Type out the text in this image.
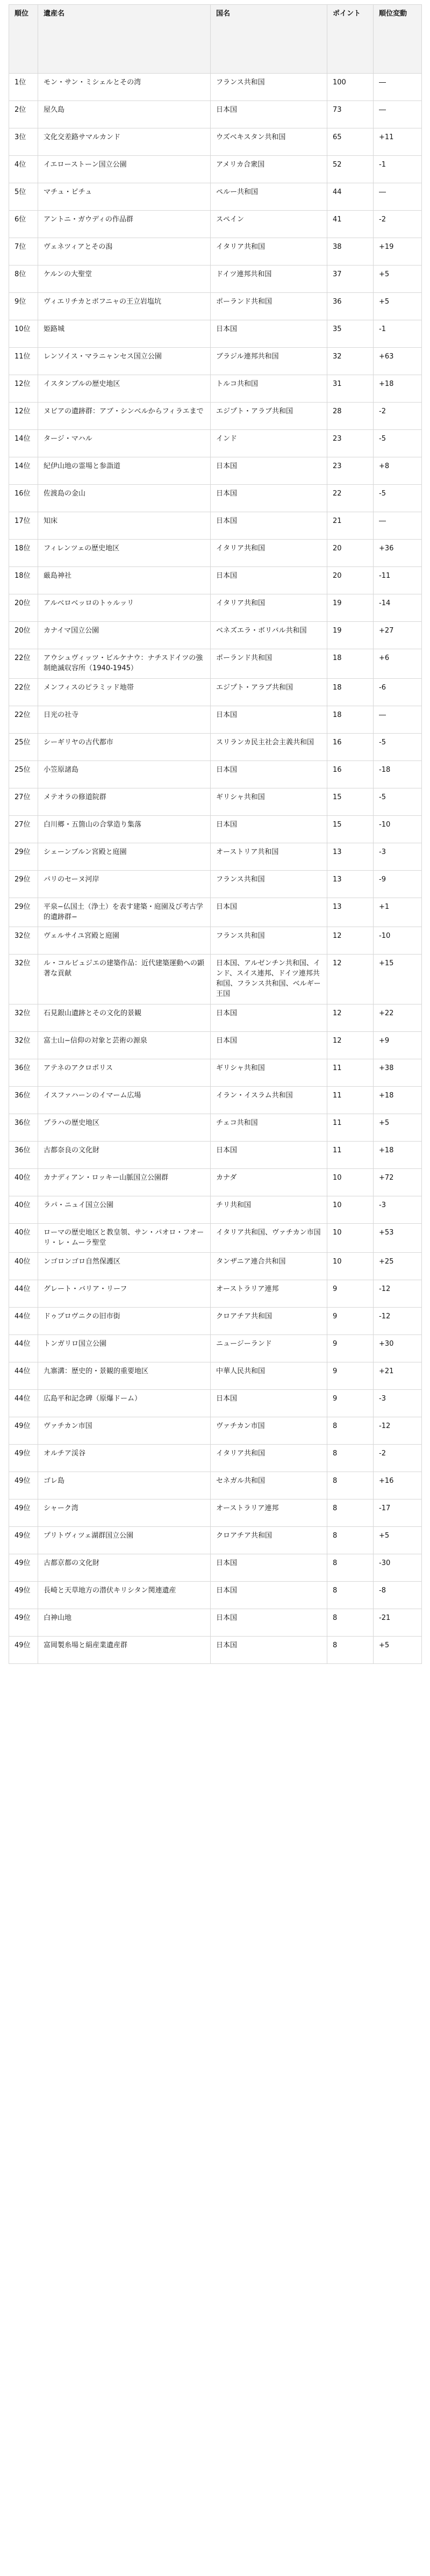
順位	遺産名	国名	ポイント	順位変動
1位	モン・サン・ミシェルとその湾	フランス共和国	100	―
2位	屋久島	日本国	73	―
3位	文化交差路サマルカンド	ウズベキスタン共和国	65	+11
4位	イエローストーン国立公園	アメリカ合衆国	52	-1
5位	マチュ・ピチュ	ペルー共和国	44	―
6位	アントニ・ガウディの作品群	スペイン	41	-2
7位	ヴェネツィアとその潟	イタリア共和国	38	+19
8位	ケルンの大聖堂	ドイツ連邦共和国	37	+5
9位	ヴィエリチカとボフニャの王立岩塩坑	ポーランド共和国	36	+5
10位	姫路城	日本国	35	-1
11位	レンソイス・マラニャンセス国立公園	ブラジル連邦共和国	32	+63
12位	イスタンブルの歴史地区	トルコ共和国	31	+18
12位	ヌビアの遺跡群：アブ・シンベルからフィラエまで	エジプト・アラブ共和国	28	-2
14位	タージ・マハル	インド	23	-5
14位	紀伊山地の霊場と参詣道	日本国	23	+8
16位	佐渡島の金山	日本国	22	-5
17位	知床	日本国	21	―
18位	フィレンツェの歴史地区	イタリア共和国	20	+36
18位	厳島神社	日本国	20	-11
20位	アルベロベッロのトゥルッリ	イタリア共和国	19	-14
20位	カナイマ国立公園	ベネズエラ・ボリバル共和国	19	+27
22位	アウシュヴィッツ・ビルケナウ：ナチスドイツの強制絶滅収容所（1940-1945）	ポーランド共和国	18	+6
22位	メンフィスのピラミッド地帯	エジプト・アラブ共和国	18	-6
22位	日光の社寺	日本国	18	―
25位	シーギリヤの古代都市	スリランカ民主社会主義共和国	16	-5
25位	小笠原諸島	日本国	16	-18
27位	メテオラの修道院群	ギリシャ共和国	15	-5
27位	白川郷・五箇山の合掌造り集落	日本国	15	-10
29位	シェーンブルン宮殿と庭園	オーストリア共和国	13	-3
29位	パリのセーヌ河岸	フランス共和国	13	-9
29位	平泉−仏国土（浄土）を表す建築・庭園及び考古学的遺跡群−	日本国	13	+1
32位	ヴェルサイユ宮殿と庭園	フランス共和国	12	-10
32位	ル・コルビュジエの建築作品：近代建築運動への顕著な貢献	日本国、アルゼンチン共和国、インド、スイス連邦、ドイツ連邦共和国、フランス共和国、ベルギー王国	12	+15
32位	石見銀山遺跡とその文化的景観	日本国	12	+22
32位	富士山−信仰の対象と芸術の源泉	日本国	12	+9
36位	アテネのアクロポリス	ギリシャ共和国	11	+38
36位	イスファハーンのイマーム広場	イラン・イスラム共和国	11	+18
36位	プラハの歴史地区	チェコ共和国	11	+5
36位	古都奈良の文化財	日本国	11	+18
40位	カナディアン・ロッキー山脈国立公園群	カナダ	10	+72
40位	ラパ・ニュイ国立公園	チリ共和国	10	-3
40位	ローマの歴史地区と教皇領、サン・パオロ・フオーリ・レ・ムーラ聖堂	イタリア共和国、ヴァチカン市国	10	+53
40位	ンゴロンゴロ自然保護区	タンザニア連合共和国	10	+25
44位	グレート・バリア・リーフ	オーストラリア連邦	9	-12
44位	ドゥブロヴニクの旧市街	クロアチア共和国	9	-12
44位	トンガリロ国立公園	ニュージーランド	9	+30
44位	九寨溝：歴史的・景観的重要地区	中華人民共和国	9	+21
44位	広島平和記念碑（原爆ドーム）	日本国	9	-3
49位	ヴァチカン市国	ヴァチカン市国	8	-12
49位	オルチア渓谷	イタリア共和国	8	-2
49位	ゴレ島	セネガル共和国	8	+16
49位	シャーク湾	オーストラリア連邦	8	-17
49位	プリトヴィツェ湖群国立公園	クロアチア共和国	8	+5
49位	古都京都の文化財	日本国	8	-30
49位	長崎と天草地方の潜伏キリシタン関連遺産	日本国	8	-8
49位	白神山地	日本国	8	-21
49位	富岡製糸場と絹産業遺産群	日本国	8	+5
